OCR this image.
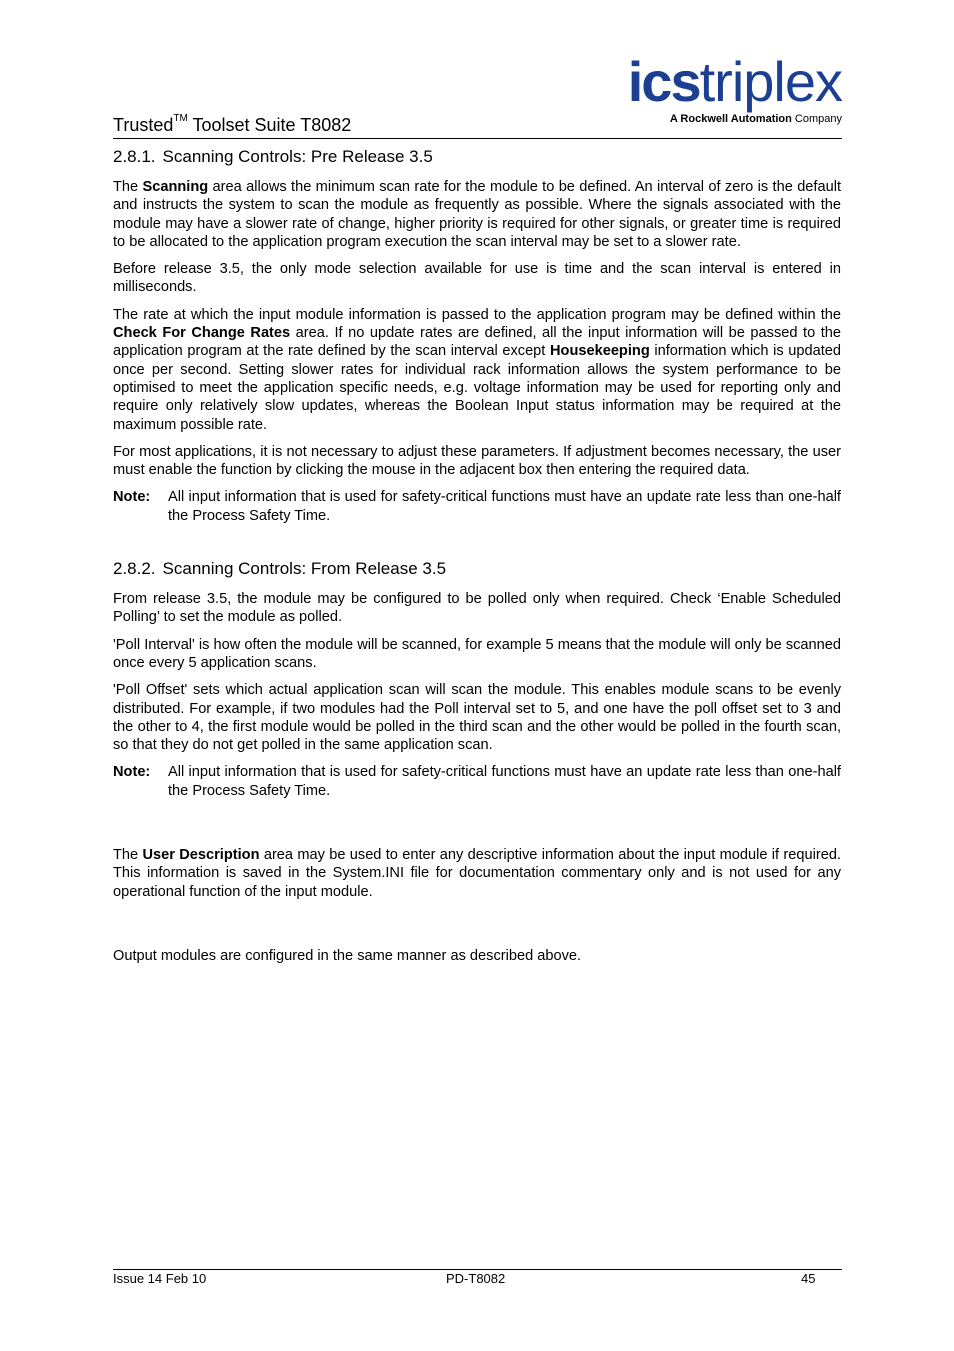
Trusted™ Toolset Suite T8082
icstriplex
A Rockwell Automation Company
2.8.1. Scanning Controls: Pre Release 3.5

The Scanning area allows the minimum scan rate for the module to be defined. An interval of zero is the default and instructs the system to scan the module as frequently as possible. Where the signals associated with the module may have a slower rate of change, higher priority is required for other signals, or greater time is required to be allocated to the application program execution the scan interval may be set to a slower rate.

Before release 3.5, the only mode selection available for use is time and the scan interval is entered in milliseconds.

The rate at which the input module information is passed to the application program may be defined within the Check For Change Rates area. If no update rates are defined, all the input information will be passed to the application program at the rate defined by the scan interval except Housekeeping information which is updated once per second. Setting slower rates for individual rack information allows the system performance to be optimised to meet the application specific needs, e.g. voltage information may be used for reporting only and require only relatively slow updates, whereas the Boolean Input status information may be required at the maximum possible rate.

For most applications, it is not necessary to adjust these parameters. If adjustment becomes necessary, the user must enable the function by clicking the mouse in the adjacent box then entering the required data.

Note:	All input information that is used for safety-critical functions must have an update rate less than one-half the Process Safety Time.
2.8.2. Scanning Controls: From Release 3.5

From release 3.5, the module may be configured to be polled only when required. Check ‘Enable Scheduled Polling’ to set the module as polled.

'Poll Interval' is how often the module will be scanned, for example 5 means that the module will only be scanned once every 5 application scans.

'Poll Offset' sets which actual application scan will scan the module. This enables module scans to be evenly distributed. For example, if two modules had the Poll interval set to 5, and one have the poll offset set to 3 and the other to 4, the first module would be polled in the third scan and the other would be polled in the fourth scan, so that they do not get polled in the same application scan.

Note:	All input information that is used for safety-critical functions must have an update rate less than one-half the Process Safety Time.

The User Description area may be used to enter any descriptive information about the input module if required. This information is saved in the System.INI file for documentation commentary only and is not used for any operational function of the input module.

Output modules are configured in the same manner as described above.

Issue 14 Feb 10	PD-T8082	45
